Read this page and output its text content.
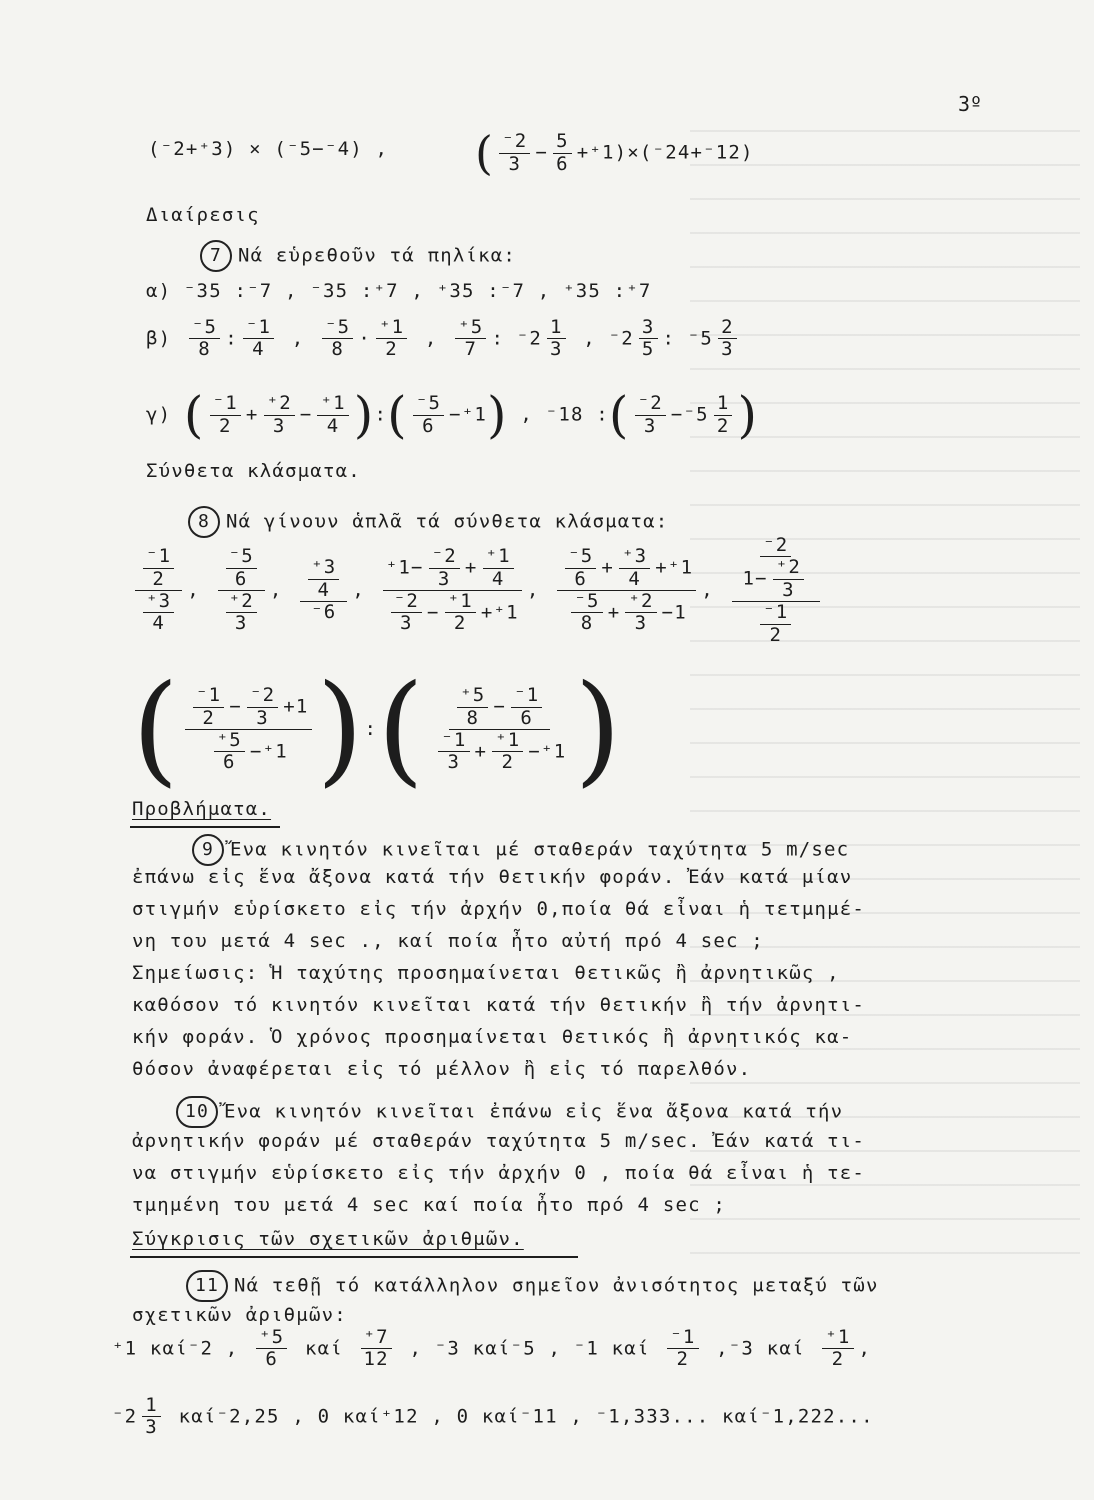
3º
(⁻2+⁺3) × (⁻5−⁻4) , ( $\frac{^-2}{3} - \frac{5}{6} +^+1)\times(^-24+^-12)$
Διαίρεσις
7 Νά εὑρεθοῦν τά πηλίκα:
α) ⁻35 :⁻7 , ⁻35 :⁺7 , ⁺35 :⁻7 , ⁺35 :⁺7
$\beta) \frac{^-5}{8}$ : $\frac{^-1}{4}$ , $\frac{^-5}{8} \cdot \frac{^+1}{2}$ , $\frac{^+5}{7}$ : $^-2 \frac{1}{3}$ , $^-2 \frac{3}{5}$ : $^-5 \frac{2}{3}$
γ) ( $\frac{^-1}{2} + \frac{^+2}{3} - \frac{^+1}{4}$ ):( $\frac{^-5}{6} -^+1$) , ⁻18 :( $\frac{^-2}{3} -^-5 \frac{1}{2}$ )
Σύνθετα κλάσματα.
8 Νά γίνουν ἁπλᾶ τά σύνθετα κλάσματα:
$\frac{\frac{^-1}{2}}{\frac{^+3}{4}}$ , $\frac{\frac{^-5}{6}}{\frac{^+2}{3}}$ , $\frac{\frac{^+3}{4}}{^-6}$ , $\frac{^+1- \frac{^-2}{3} + \frac{^+1}{4}}{\frac{^-2}{3} - \frac{^+1}{2} +^+1}$ , $\frac{\frac{^-5}{6} + \frac{^+3}{4} +^+1}{\frac{^-5}{8} + \frac{^+2}{3} -1}$ , $\frac{\frac{^-2}{1- \frac{^+2}{3}}}{\frac{^-1}{2}}$
( $\frac{\frac{^-1}{2} - \frac{^-2}{3} +1}{\frac{^+5}{6} -^+1}$ ):( $\frac{\frac{^+5}{8} - \frac{^-1}{6}}{\frac{^-1}{3} + \frac{^+1}{2} -^+1}$ )
Προβλήματα.
9 Ἔνα κινητόν κινεῖται μέ σταθεράν ταχύτητα 5 m/sec
ἐπάνω εἰς ἕνα ἄξονα κατά τήν θετικήν φοράν. Ἐάν κατά μίαν
στιγμήν εὑρίσκετο εἰς τήν ἀρχήν 0,ποία θά εἶναι ἡ τετμημέ-
νη του μετά 4 sec ., καί ποία ἦτο αὐτή πρό 4 sec ;
Σημείωσις: Ἡ ταχύτης προσημαίνεται θετικῶς ἢ ἀρνητικῶς ,
καθόσον τό κινητόν κινεῖται κατά τήν θετικήν ἢ τήν ἀρνητι-
κήν φοράν. Ὁ χρόνος προσημαίνεται θετικός ἢ ἀρνητικός κα-
θόσον ἀναφέρεται εἰς τό μέλλον ἢ εἰς τό παρελθόν.
10 Ἔνα κινητόν κινεῖται ἐπάνω εἰς ἕνα ἄξονα κατά τήν
ἀρνητικήν φοράν μέ σταθεράν ταχύτητα 5 m/sec. Ἐάν κατά τι-
να στιγμήν εὑρίσκετο εἰς τήν ἀρχήν 0 , ποία θά εἶναι ἡ τε-
τμημένη του μετά 4 sec καί ποία ἦτο πρό 4 sec ;
Σύγκρισις τῶν σχετικῶν ἀριθμῶν.
11 Νά τεθῇ τό κατάλληλον σημεῖον ἀνισότητος μεταξύ τῶν
σχετικῶν ἀριθμῶν:
⁺1 καί⁻2 , $\frac{^+5}{6}$ καί $\frac{^+7}{12}$ , ⁻3 καί⁻5 , ⁻1 καί $\frac{^-1}{2} ,^-3$ καί $\frac{^+1}{2}$ ,
$^-2 \frac{1}{3} \kappa\alpha ί^-2,25$ , 0 καί⁺12 , 0 καί⁻11 , ⁻1,333... καί⁻1,222...
